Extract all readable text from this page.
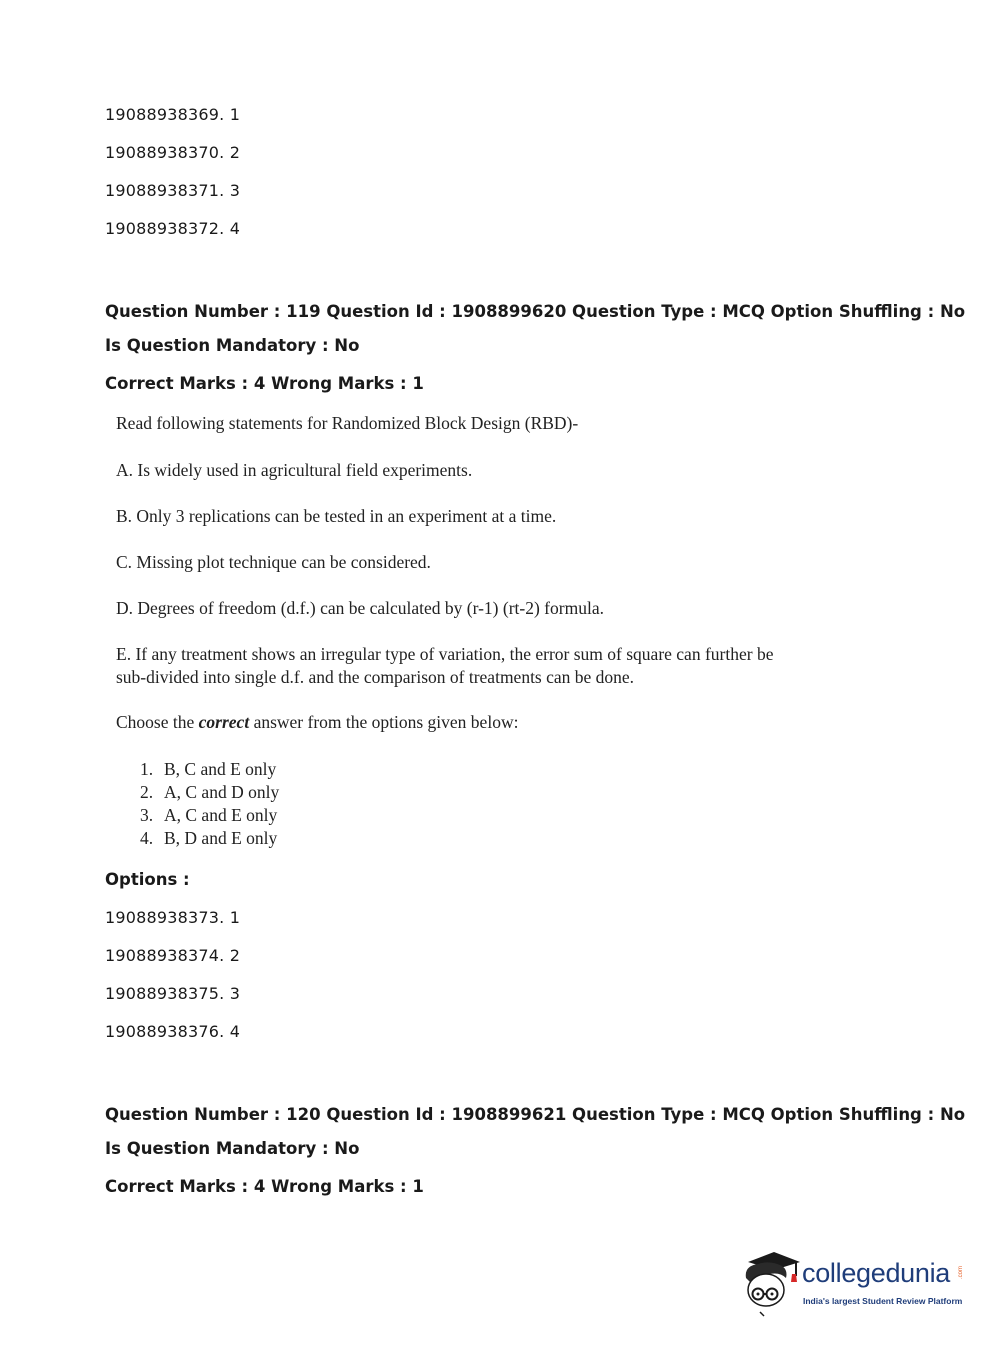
19088938369. 1
19088938370. 2
19088938371. 3
19088938372. 4
Question Number : 119 Question Id : 1908899620 Question Type : MCQ Option Shuffling : No
Is Question Mandatory : No
Correct Marks : 4 Wrong Marks : 1
Read following statements for Randomized Block Design (RBD)-
A. Is widely used in agricultural field experiments.
B. Only 3 replications can be tested in an experiment at a time.
C. Missing plot technique can be considered.
D. Degrees of freedom (d.f.) can be calculated by (r-1) (rt-2) formula.
E. If any treatment shows an irregular type of variation, the error sum of square can further be
sub-divided into single d.f. and the comparison of treatments can be done.
Choose the correct answer from the options given below:
1. B, C and E only
2. A, C and D only
3. A, C and E only
4. B, D and E only
Options :
19088938373. 1
19088938374. 2
19088938375. 3
19088938376. 4
Question Number : 120 Question Id : 1908899621 Question Type : MCQ Option Shuffling : No
Is Question Mandatory : No
Correct Marks : 4 Wrong Marks : 1
collegedunia .com
India's largest Student Review Platform
